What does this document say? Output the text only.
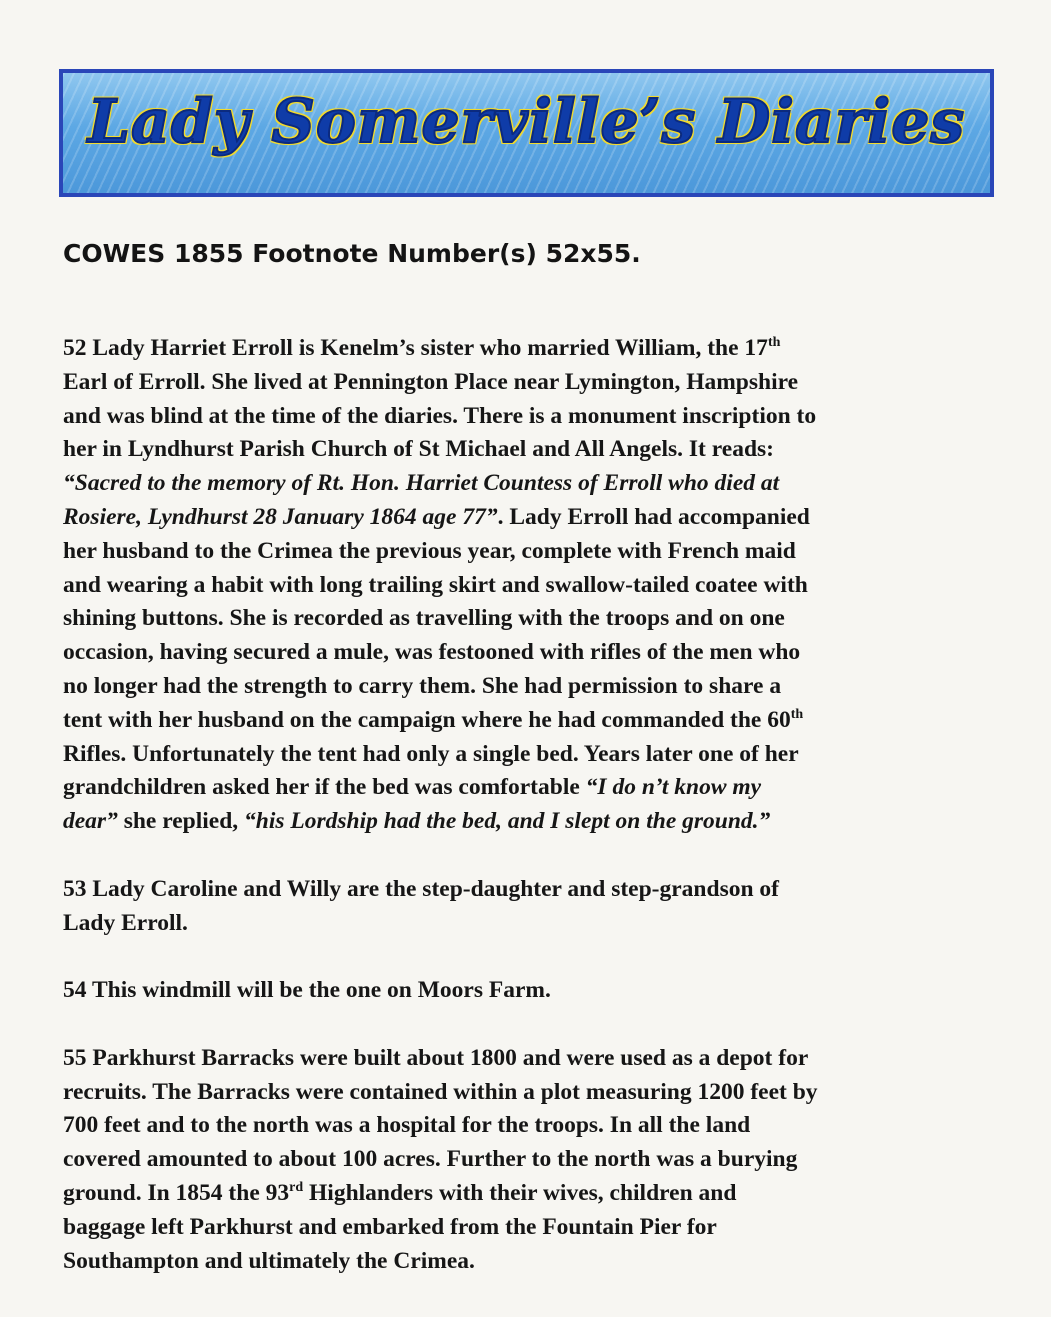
Lady Somerville’s Diaries
COWES 1855 Footnote Number(s) 52x55.

52 Lady Harriet Erroll is Kenelm’s sister who married William, the 17th
Earl of Erroll. She lived at Pennington Place near Lymington, Hampshire
and was blind at the time of the diaries. There is a monument inscription to
her in Lyndhurst Parish Church of St Michael and All Angels. It reads:
“Sacred to the memory of Rt. Hon. Harriet Countess of Erroll who died at
Rosiere, Lyndhurst 28 January 1864 age 77”. Lady Erroll had accompanied
her husband to the Crimea the previous year, complete with French maid
and wearing a habit with long trailing skirt and swallow-tailed coatee with
shining buttons. She is recorded as travelling with the troops and on one
occasion, having secured a mule, was festooned with rifles of the men who
no longer had the strength to carry them. She had permission to share a
tent with her husband on the campaign where he had commanded the 60th
Rifles. Unfortunately the tent had only a single bed. Years later one of her
grandchildren asked her if the bed was comfortable “I do n’t know my
dear” she replied, “his Lordship had the bed, and I slept on the ground.”

53 Lady Caroline and Willy are the step-daughter and step-grandson of
Lady Erroll.

54 This windmill will be the one on Moors Farm.

55 Parkhurst Barracks were built about 1800 and were used as a depot for
recruits. The Barracks were contained within a plot measuring 1200 feet by
700 feet and to the north was a hospital for the troops. In all the land
covered amounted to about 100 acres. Further to the north was a burying
ground. In 1854 the 93rd Highlanders with their wives, children and
baggage left Parkhurst and embarked from the Fountain Pier for
Southampton and ultimately the Crimea.
